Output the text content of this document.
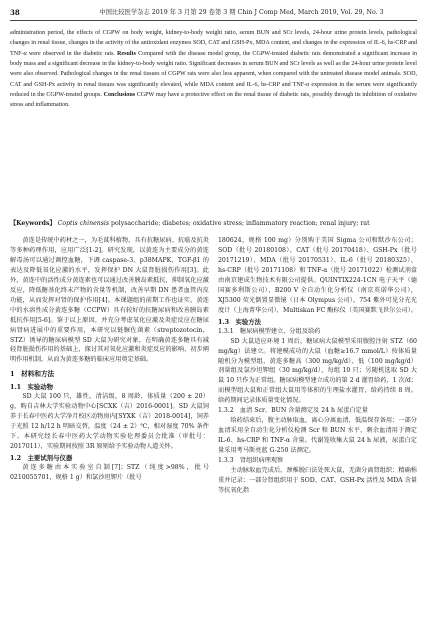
38	中国比较医学杂志 2019 年 3 月第 29 卷第 3 期 Chin J Comp Med, March 2019, Vol. 29, No. 3
administration period, the effects of CGPW on body weight, kidney-to-body weight ratio, serum BUN and SCr levels, 24-hour urine protein levels, pathological changes in renal tissue, changes in the activity of the antioxidant enzymes SOD, CAT and GSH-Px, MDA content, and changes in the expression of IL-6, hs-CRP and TNF-α were observed in the diabetic rats. Results Compared with the disease model group, the CGPW-treated diabetic rats demonstrated a significant increase in body mass and a significant decrease in the kidney-to-body weight ratio. Significant decreases in serum BUN and SCr levels as well as the 24-hour urine protein level were also observed. Pathological changes in the renal tissues of CGPW rats were also less apparent, when compared with the untreated disease model animals. SOD, CAT and GSH-Px activity in renal tissues was significantly elevated, while MDA content and IL-6, hs-CRP and TNF-α expression in the serum were significantly reduced in the CGPW-treated groups. Conclusions CGPW may have a protective effect on the renal tissue of diabetic rats, possibly through its inhibition of oxidative stress and inflammation.
【Keywords】 Coptis chinensis polysaccharide; diabetes; oxidative stress; inflammatory reaction; renal injury; rat

黄连是传统中药材之一，为毛茛科植物，具有抗糖尿病、抗癌及抗炎等多种药理作用，应用广泛[1-2]。研究发现，以黄连为主要成分的黄连解毒汤可以通过调控血糖，下调 caspase-3、p38MAPK、TGF-β1 的表达及降低氧化应激的水平，发挥保护 DN 大鼠肾脏损伤作用[3]。此外，黄连中的活性成分黄连素也可以通过改善胰岛素抵抗，抑制氧化应激反应，降低糖基化终末产物的含量等机制，改善早期 DN 患者血管内皮功能，从而发挥对肾的保护作用[4]。本课题组的前期工作也证实，黄连中的水溶性成分黄连多糖（CCPW）具有较好的抗糖尿病和改善胰岛素抵抗作用[5-6]。鉴于以上原因，并充分考虑氧化应激及炎症反应在糖尿病肾病进展中的重要作用，本研究以链脲佐菌素（streptozotocin，STZ）诱导的糖尿病模型 SD 大鼠为研究对象，在明确黄连多糖具有减轻肾脏损伤作用的基础上，探讨其对氧化应激和炎症反应的影响，初步阐明作用机制，从而为黄连多糖的临床应用奠定基础。

1　材料和方法
1.1　实验动物

SD 大鼠 100 只，雄性，清洁级，8 周龄，体质量（200 ± 20）g，购自吉林大学实验动物中心[SCXK（吉）2016-0001]。SD 大鼠饲养于长春中医药大学净月校区动物房内[SYXK（吉）2018-0014]，饲养于光照 12 h/12 h 明暗交替，温度（24 ± 2）℃，相对湿度 70% 条件下。本研究经长春中医药大学动物实验伦理委员会批准（审批号：2017011），实验期间按照 3R 原则给予实验动物人道关怀。

1.2　主要试剂与仪器

黄连多糖由本实验室自制[7]；STZ（纯度>98%，批号 0210055701，规格 1 g）和氯沙坦钾片（批号

180624，规格 100 mg）分别购于美国 Sigma 公司和默沙东公司；SOD（批号 20180108）、CAT（批号 20170418）、GSH-Px（批号 20171219）、MDA（批号 20170531）、IL-6（批号 20180325）、hs-CRP（批号 20171108）和 TNF-α（批号 20171022）检测试剂盒由南京建成生物技术有限公司提供。QUINTIX224-1CN 电子天平（德国赛多利斯公司），B200 V 全自动生化分析仪（南京英诺华公司），XJ5300 荧光倒置显微镜（日本 Olympus 公司），754 紫外可见分光光度计（上海菁华公司），Multiskan FC 酶标仪（美国赛默飞世尔公司）。

1.3　实验方法
1.3.1　糖尿病模型建立、分组及给药

SD 大鼠适应环境 1 周后，糖尿病大鼠模型采用腹腔注射 STZ（60 mg/kg）法建立。将建模成功的大鼠（血糖≥16.7 mmol/L）按体质量随机分为模型组，黄连多糖高（300 mg/kg/d）、低（100 mg/kg/d）剂量组及氯沙坦钾组（30 mg/kg/d），每组 10 只；另随机选取 SD 大鼠 10 只作为正常组。糖尿病模型建立成功的第 2 d 灌胃给药，1 次/d；而模型组大鼠和正常组大鼠用等体积的生理盐水灌胃，给药持续 8 周。给药期间记录体质量变化情况。

1.3.2　血清 Scr、BUN 含量测定及 24 h 尿蛋白定量

给药结束后，腹主动脉取血，离心分离血清，低温保存备用；一部分血清采用全自动生化分析仪检测 Scr 和 BUN 水平，剩余血清用于测定 IL-6、hs-CRP 和 TNF-α 含量。代谢笼收集大鼠 24 h 尿液，尿蛋白定量采用考马斯亮蓝 G-250 法测定。

1.3.3　肾组织病理观察

主动脉取血完成后，颈椎脱臼法处死大鼠，无菌分离肾组织；精确称重并记录；一部分肾组织用于 SOD、CAT、GSH-Px 活性及 MDA 含量等抗氧化指
